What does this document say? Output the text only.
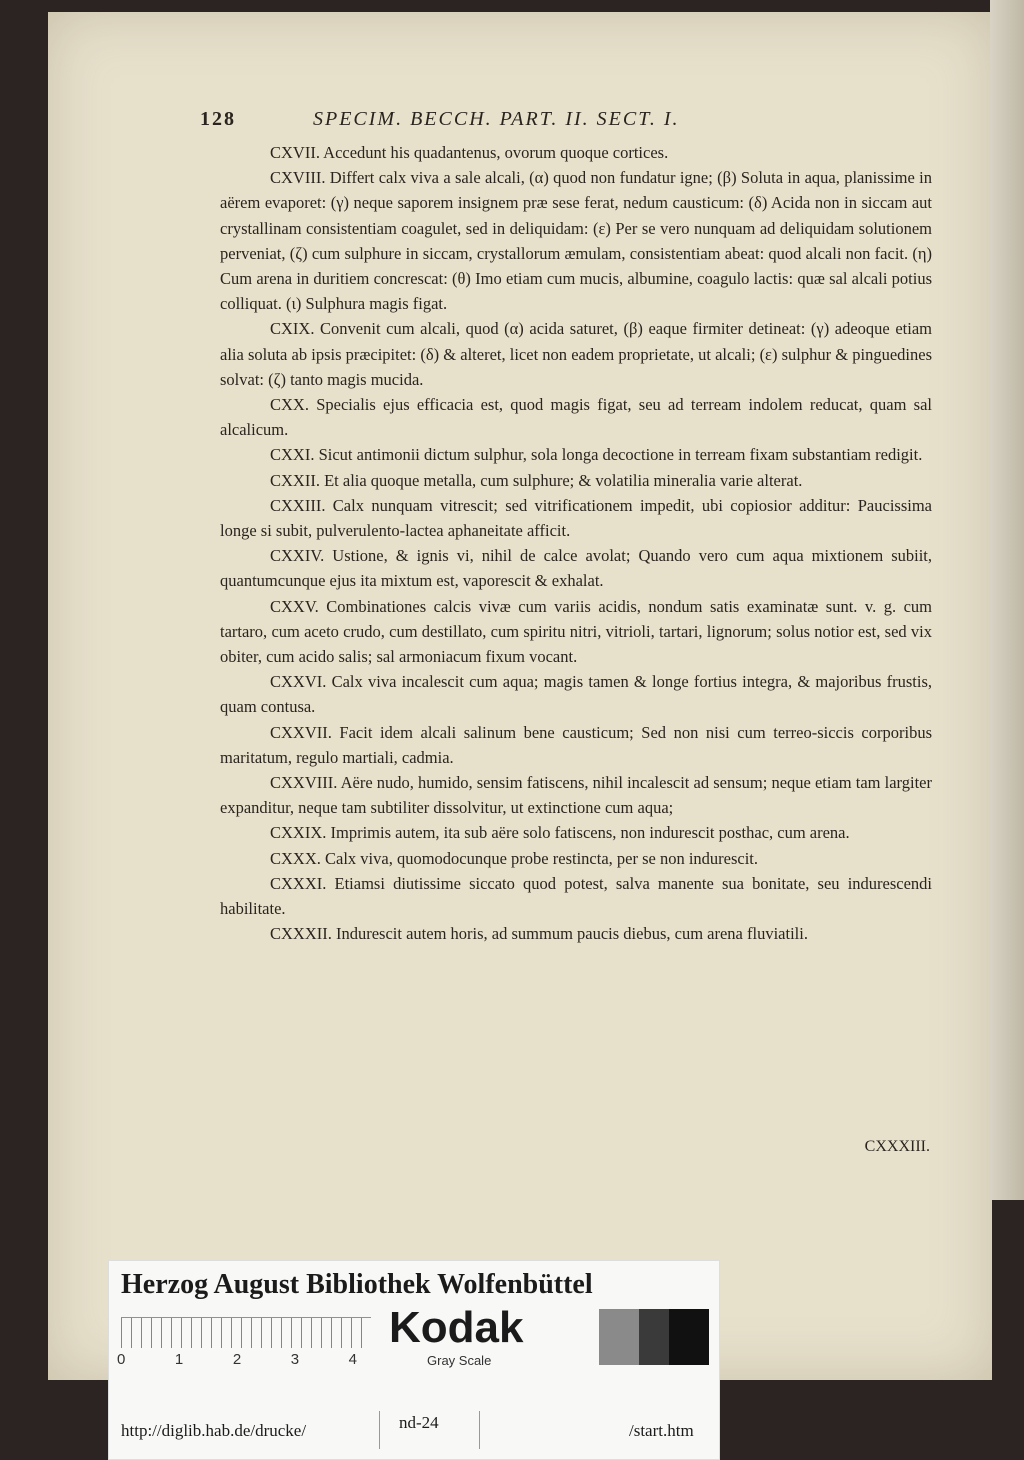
128	SPECIM. BECCH. PART. II. SECT. I.

CXVII. Accedunt his quadantenus, ovorum quoque cortices.

CXVIII. Differt calx viva a sale alcali, (α) quod non fundatur igne; (β) Soluta in aqua, planissime in aërem evaporet: (γ) neque saporem insignem præ sese ferat, nedum causticum: (δ) Acida non in siccam aut crystallinam consistentiam coagulet, sed in deliquidam: (ε) Per se vero nunquam ad deliquidam solutionem perveniat, (ζ) cum sulphure in siccam, crystallorum æmulam, consistentiam abeat: quod alcali non facit. (η) Cum arena in duritiem concrescat: (θ) Imo etiam cum mucis, albumine, coagulo lactis: quæ sal alcali potius colliquat. (ι) Sulphura magis figat.

CXIX. Convenit cum alcali, quod (α) acida saturet, (β) eaque firmiter detineat: (γ) adeoque etiam alia soluta ab ipsis præcipitet: (δ) & alteret, licet non eadem proprietate, ut alcali; (ε) sulphur & pinguedines solvat: (ζ) tanto magis mucida.

CXX. Specialis ejus efficacia est, quod magis figat, seu ad terream indolem reducat, quam sal alcalicum.

CXXI. Sicut antimonii dictum sulphur, sola longa decoctione in terream fixam substantiam redigit.

CXXII. Et alia quoque metalla, cum sulphure; & volatilia mineralia varie alterat.

CXXIII. Calx nunquam vitrescit; sed vitrificationem impedit, ubi copiosior additur: Paucissima longe si subit, pulverulento-lactea aphaneitate afficit.

CXXIV. Ustione, & ignis vi, nihil de calce avolat; Quando vero cum aqua mixtionem subiit, quantumcunque ejus ita mixtum est, vaporescit & exhalat.

CXXV. Combinationes calcis vivæ cum variis acidis, nondum satis examinatæ sunt. v. g. cum tartaro, cum aceto crudo, cum destillato, cum spiritu nitri, vitrioli, tartari, lignorum; solus notior est, sed vix obiter, cum acido salis; sal armoniacum fixum vocant.

CXXVI. Calx viva incalescit cum aqua; magis tamen & longe fortius integra, & majoribus frustis, quam contusa.

CXXVII. Facit idem alcali salinum bene causticum; Sed non nisi cum terreo-siccis corporibus maritatum, regulo martiali, cadmia.

CXXVIII. Aëre nudo, humido, sensim fatiscens, nihil incalescit ad sensum; neque etiam tam largiter expanditur, neque tam subtiliter dissolvitur, ut extinctione cum aqua;

CXXIX. Imprimis autem, ita sub aëre solo fatiscens, non indurescit posthac, cum arena.

CXXX. Calx viva, quomodocunque probe restincta, per se non indurescit.

CXXXI. Etiamsi diutissime siccato quod potest, salva manente sua bonitate, seu indurescendi habilitate.

CXXXII. Indurescit autem horis, ad summum paucis diebus, cum arena fluviatili.

CXXXIII.
Herzog August Bibliothek Wolfenbüttel
0	1	2	3	4
Kodak
Gray Scale
http://diglib.hab.de/drucke/	nd-24	/start.htm
